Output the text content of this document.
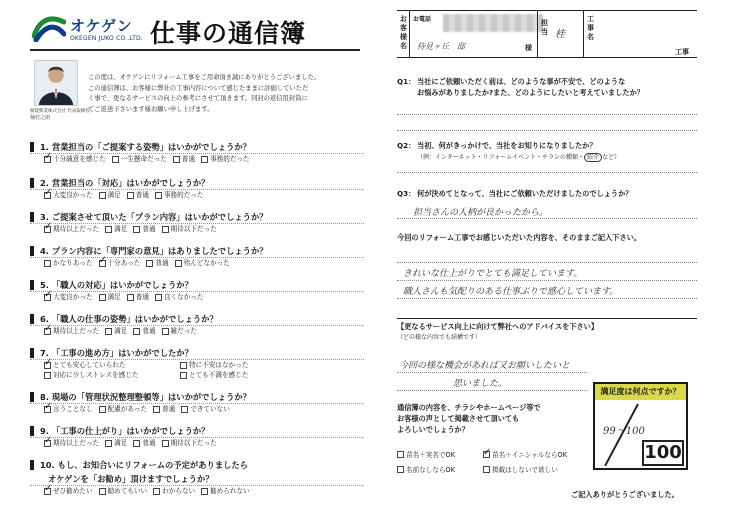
オケゲン
OKEGEN JUKO CO.,LTD. 仕事の通信簿
桶建興業株式会社 代表取締役
桶村之朗
この度は、オケゲンにリフォーム工事をご用命頂き誠にありがとうございました。
この通信簿は、お客様に弊社の工事内容について感じたままに評価していただ
く事で、更なるサービスの向上の参考にさせて頂きます。同封の返信用封筒に
てご返送下さいます様お願い申し上げます。
1. 営業担当の「ご提案する姿勢」はいかがでしょうか？
✓
十分誠意を感じた 一生懸命だった 普通 事務的だった
2. 営業担当の「対応」はいかがでしょうか？
✓
大変良かった 満足 普通 事務的だった
3. ご提案させて頂いた「プラン内容」はいかがでしょうか？
✓
期待以上だった 満足 普通 期待以下だった
4. プラン内容に「専門家の意見」はありましたでしょうか？
かなりあった ✓ 十分あった 普通 殆んどなかった
5. 「職人の対応」はいかがでしょうか？
✓
大変良かった 満足 普通 良くなかった
6. 「職人の仕事の姿勢」はいかがでしょうか？
✓
期待以上だった 満足 普通 雑だった
7. 「工事の進め方」はいかがでしたか？
✓
とても安心していられた	特に不安はなかった
対応に少しストレスを感じた	とても不満を感じた
8. 現場の「管理状況整理整頓等」はいかがでしょうか？
✓
言うことなし 配慮があった 普通 できていない
9. 「工事の仕上がり」はいかがでしょうか？
✓
期待以上だった 満足 普通 期待以下だった
10. もし、お知合いにリフォームの予定がありましたら
オケゲンを「お勧め」頂けますでしょうか？
✓
ぜひ勧めたい 勧めてもいい わからない 勧められない
お客様名
お電話
侍見ヶ丘　邸	様
担当 桂
工事名
工事
Q1： 当社にご依頼いただく前は、どのような事が不安で、どのような
お悩みがありましたか?また、どのようにしたいと考えていましたか？
Q2： 当初、何がきっかけで、当社をお知りになりましたか？
（例：インターネット・リフォームイベント・チラシの種類・ 紹介 など）
Q3： 何が決めてとなって、当社にご依頼いただけましたのでしょうか？
担当さんの人柄が良かったから。
今回のリフォーム工事でお感じいただいた内容を、そのままご記入下さい。
きれいな仕上がりでとても満足しています。
職人さんも気配りのある仕事ぶりで感心しています。
【更なるサービス向上に向けて弊社へのアドバイスを下さい】
（どの様な内容でも結構です）
今回の様な機会があれば又お願いしたいと
思いました。
満足度は何点ですか？
99～100
100
通信簿の内容を、チラシやホームページ等で
お客様の声として掲載させて頂いても
よろしいでしょうか？
苗名＋実名でOK ✓	苗名＋イニシャルならOK
名前なしならOK	掲載はしないで欲しい
ご記入ありがとうございました。
